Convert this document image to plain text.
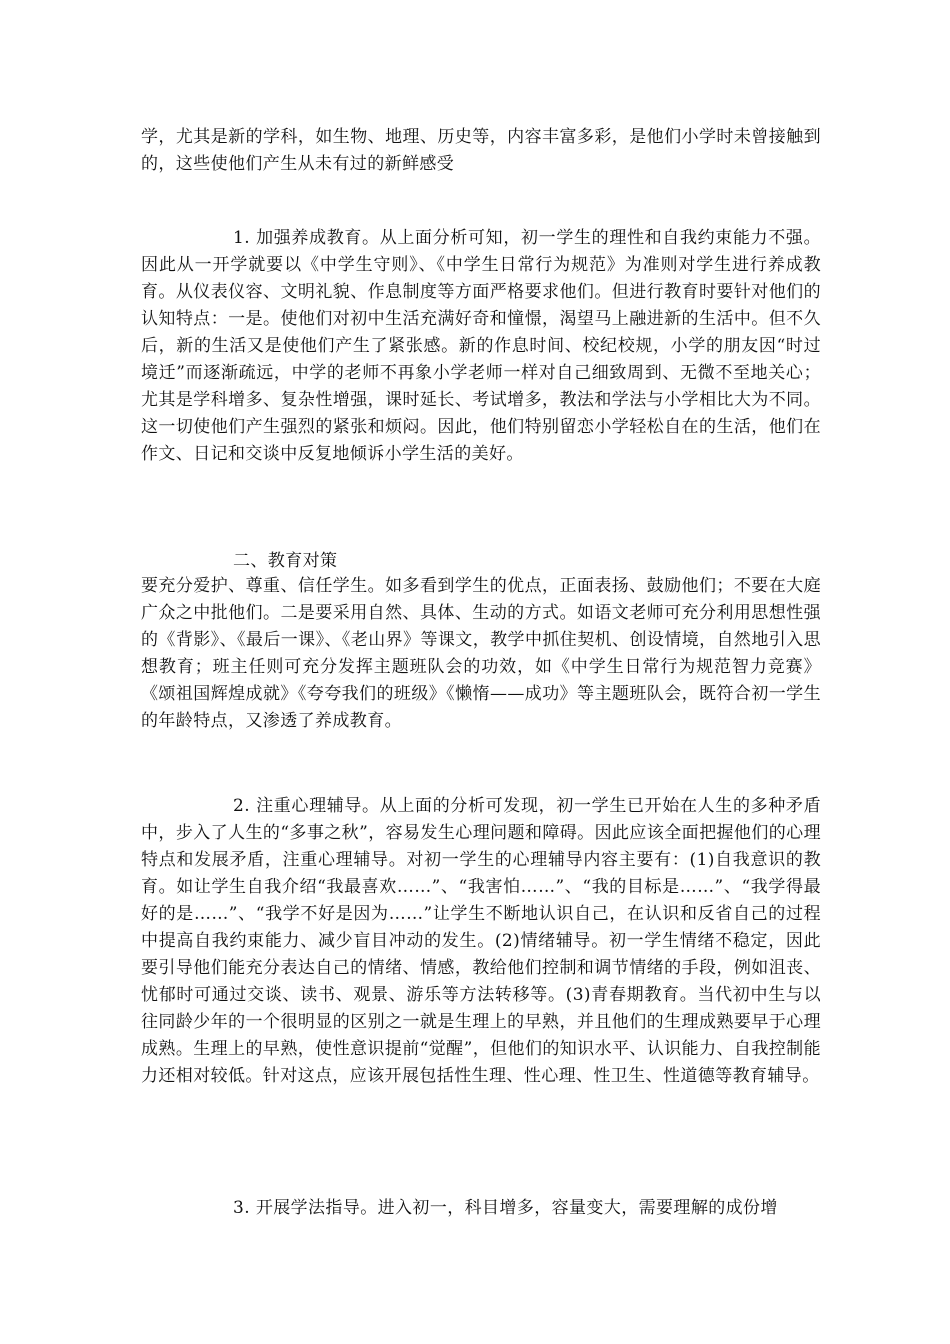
学，尤其是新的学科，如生物、地理、历史等，内容丰富多彩，是他们小学时未曾接触到的，这些使他们产生从未有过的新鲜感受

1. 加强养成教育。从上面分析可知，初一学生的理性和自我约束能力不强。因此从一开学就要以《中学生守则》、《中学生日常行为规范》为准则对学生进行养成教育。从仪表仪容、文明礼貌、作息制度等方面严格要求他们。但进行教育时要针对他们的认知特点：一是。使他们对初中生活充满好奇和憧憬，渴望马上融进新的生活中。但不久后，新的生活又是使他们产生了紧张感。新的作息时间、校纪校规，小学的朋友因“时过境迁”而逐渐疏远，中学的老师不再象小学老师一样对自己细致周到、无微不至地关心；尤其是学科增多、复杂性增强，课时延长、考试增多，教法和学法与小学相比大为不同。这一切使他们产生强烈的紧张和烦闷。因此，他们特别留恋小学轻松自在的生活，他们在作文、日记和交谈中反复地倾诉小学生活的美好。

二、教育对策

要充分爱护、尊重、信任学生。如多看到学生的优点，正面表扬、鼓励他们；不要在大庭广众之中批他们。二是要采用自然、具体、生动的方式。如语文老师可充分利用思想性强的《背影》、《最后一课》、《老山界》等课文，教学中抓住契机、创设情境，自然地引入思想教育；班主任则可充分发挥主题班队会的功效，如《中学生日常行为规范智力竞赛》《颂祖国辉煌成就》《夸夸我们的班级》《懒惰——成功》等主题班队会，既符合初一学生的年龄特点，又渗透了养成教育。

2. 注重心理辅导。从上面的分析可发现，初一学生已开始在人生的多种矛盾中，步入了人生的“多事之秋”，容易发生心理问题和障碍。因此应该全面把握他们的心理特点和发展矛盾，注重心理辅导。对初一学生的心理辅导内容主要有：(1)自我意识的教育。如让学生自我介绍“我最喜欢……”、“我害怕……”、“我的目标是……”、“我学得最好的是……”、“我学不好是因为……”让学生不断地认识自己，在认识和反省自己的过程中提高自我约束能力、减少盲目冲动的发生。(2)情绪辅导。初一学生情绪不稳定，因此要引导他们能充分表达自己的情绪、情感，教给他们控制和调节情绪的手段，例如沮丧、忧郁时可通过交谈、读书、观景、游乐等方法转移等。(3)青春期教育。当代初中生与以往同龄少年的一个很明显的区别之一就是生理上的早熟，并且他们的生理成熟要早于心理成熟。生理上的早熟，使性意识提前“觉醒”，但他们的知识水平、认识能力、自我控制能力还相对较低。针对这点，应该开展包括性生理、性心理、性卫生、性道德等教育辅导。

3. 开展学法指导。进入初一，科目增多，容量变大，需要理解的成份增
